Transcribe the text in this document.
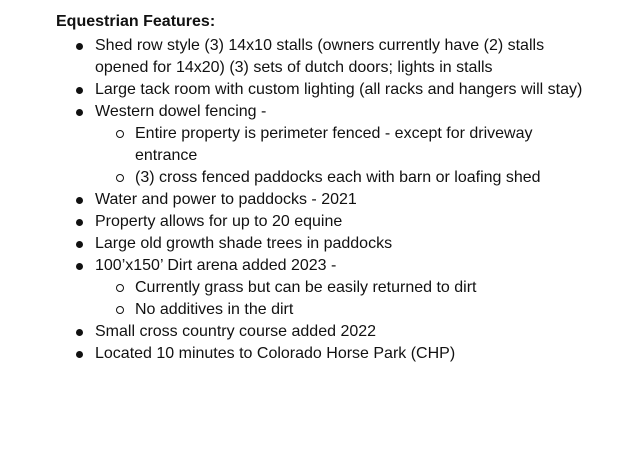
Equestrian Features:
Shed row style (3) 14x10 stalls (owners currently have (2) stalls opened for 14x20) (3) sets of dutch doors; lights in stalls
Large tack room with custom lighting (all racks and hangers will stay)
Western dowel fencing -
Entire property is perimeter fenced - except for driveway entrance
(3) cross fenced paddocks each with barn or loafing shed
Water and power to paddocks - 2021
Property allows for up to 20 equine
Large old growth shade trees in paddocks
100’x150’ Dirt arena added 2023 -
Currently grass but can be easily returned to dirt
No additives in the dirt
Small cross country course added 2022
Located 10 minutes to Colorado Horse Park (CHP)
